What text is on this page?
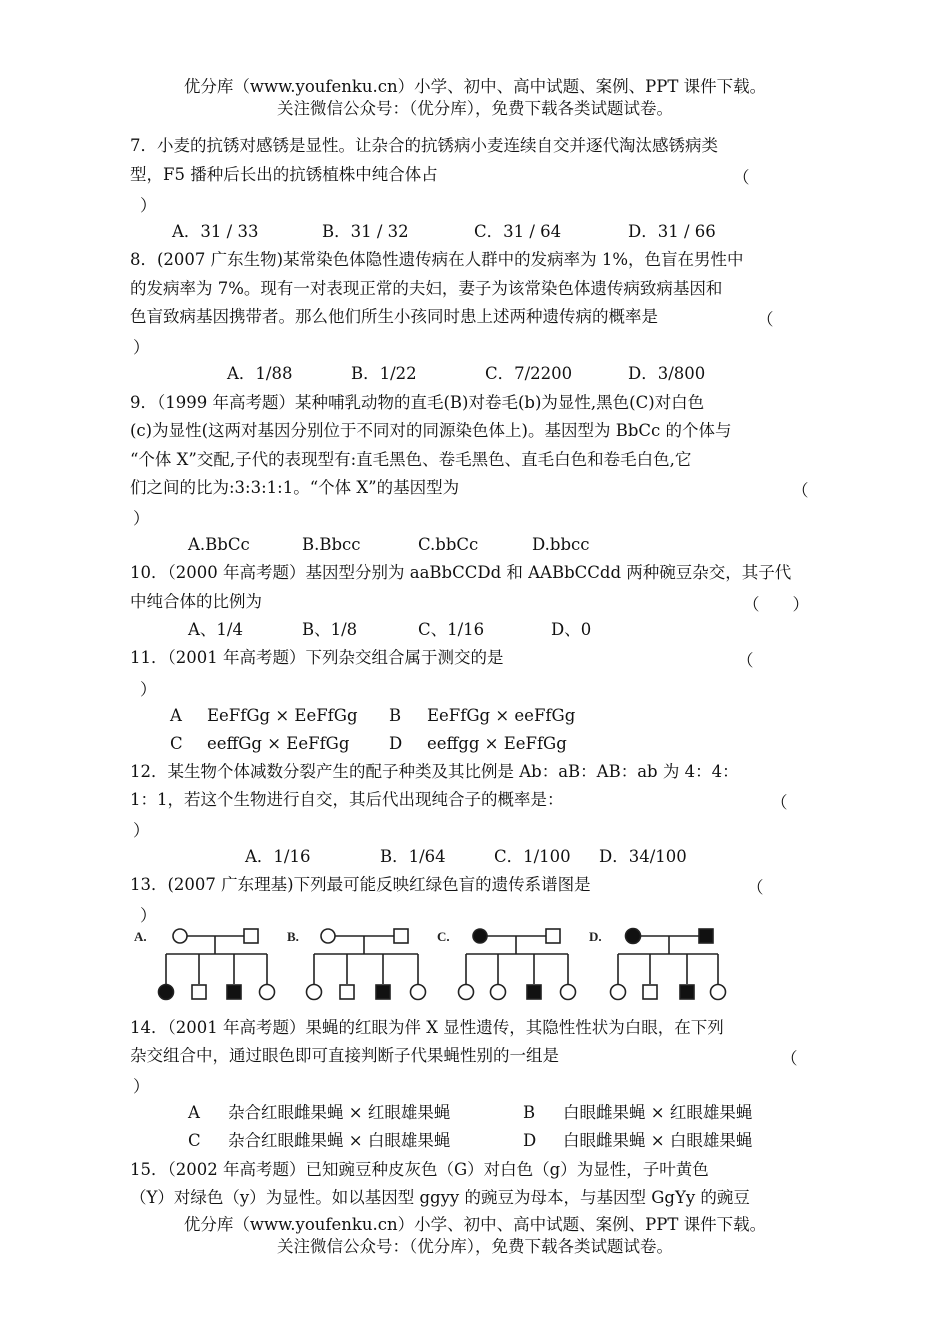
优分库（www.youfenku.cn）小学、初中、高中试题、案例、PPT 课件下载。
关注微信公众号：（优分库），免费下载各类试题试卷。
7．小麦的抗锈对感锈是显性。让杂合的抗锈病小麦连续自交并逐代淘汰感锈病类
型，F5 播种后长出的抗锈植株中纯合体占	（
）
A．31 / 33	B．31 / 32	C．31 / 64	D．31 / 66
8．(2007 广东生物)某常染色体隐性遗传病在人群中的发病率为 1%，色盲在男性中
的发病率为 7%。现有一对表现正常的夫妇，妻子为该常染色体遗传病致病基因和
色盲致病基因携带者。那么他们所生小孩同时患上述两种遗传病的概率是	（
）
A．1/88	B．1/22	C．7/2200	D．3/800
9．（1999 年高考题）某种哺乳动物的直毛(B)对卷毛(b)为显性,黑色(C)对白色
(c)为显性(这两对基因分别位于不同对的同源染色体上)。基因型为 BbCc 的个体与
“个体 X”交配,子代的表现型有:直毛黑色、卷毛黑色、直毛白色和卷毛白色,它
们之间的比为:3:3:1:1。“个体 X”的基因型为	（
）
A.BbCc	B.Bbcc	C.bbCc	D.bbcc
10．（2000 年高考题）基因型分别为 aaBbCCDd 和 AABbCCdd 两种碗豆杂交，其子代
中纯合体的比例为	（　　）
A、1/4	B、1/8	C、1/16	D、0
11．（2001 年高考题）下列杂交组合属于测交的是	（
）
A EeFfGg × EeFfGg B EeFfGg × eeFfGg
C eeffGg × EeFfGg D eeffgg × EeFfGg
12．某生物个体减数分裂产生的配子种类及其比例是 Ab：aB：AB：ab 为 4：4：
1：1，若这个生物进行自交，其后代出现纯合子的概率是：	（
）
A．1/16	B．1/64	C．1/100 D．34/100
13．(2007 广东理基)下列最可能反映红绿色盲的遗传系谱图是	（
）
A.	B.	C.	D.
14．（2001 年高考题）果蝇的红眼为伴 X 显性遗传，其隐性性状为白眼，在下列
杂交组合中，通过眼色即可直接判断子代果蝇性别的一组是	（
）
A 杂合红眼雌果蝇 × 红眼雄果蝇	B 白眼雌果蝇 × 红眼雄果蝇
C 杂合红眼雌果蝇 × 白眼雄果蝇	D 白眼雌果蝇 × 白眼雄果蝇
15．（2002 年高考题）已知豌豆种皮灰色（G）对白色（g）为显性，子叶黄色
（Y）对绿色（y）为显性。如以基因型 ggyy 的豌豆为母本，与基因型 GgYy 的豌豆
优分库（www.youfenku.cn）小学、初中、高中试题、案例、PPT 课件下载。
关注微信公众号：（优分库），免费下载各类试题试卷。
